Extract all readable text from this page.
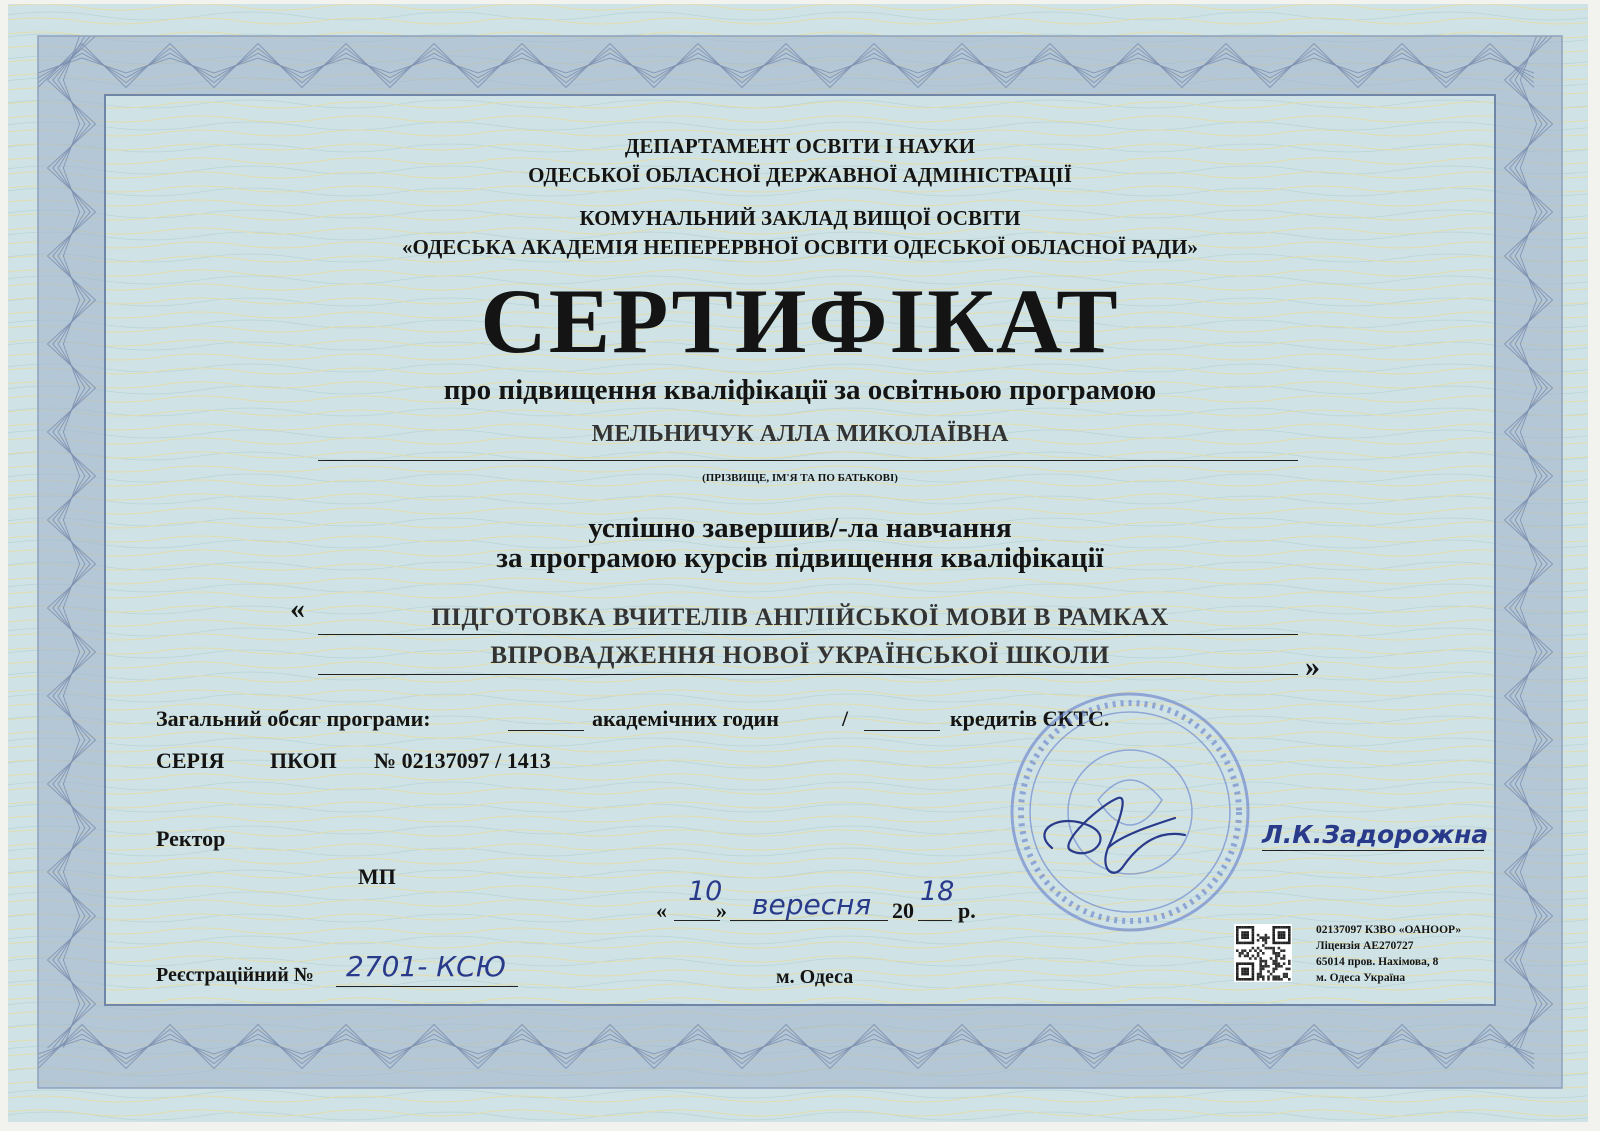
ДЕПАРТАМЕНТ ОСВІТИ І НАУКИ
ОДЕСЬКОЇ ОБЛАСНОЇ ДЕРЖАВНОЇ АДМІНІСТРАЦІЇ
КОМУНАЛЬНИЙ ЗАКЛАД ВИЩОЇ ОСВІТИ
«ОДЕСЬКА АКАДЕМІЯ НЕПЕРЕРВНОЇ ОСВІТИ ОДЕСЬКОЇ ОБЛАСНОЇ РАДИ»
СЕРТИФІКАТ
про підвищення кваліфікації за освітньою програмою
МЕЛЬНИЧУК АЛЛА МИКОЛАЇВНА
(ПРІЗВИЩЕ, ІМ'Я ТА ПО БАТЬКОВІ)
успішно завершив/-ла навчання
за програмою курсів підвищення кваліфікації
«	ПІДГОТОВКА ВЧИТЕЛІВ АНГЛІЙСЬКОЇ МОВИ В РАМКАХ
ВПРОВАДЖЕННЯ НОВОЇ УКРАЇНСЬКОЇ ШКОЛИ	»
Загальний обсяг програми:	академічних годин	/	кредитів ЄКТС.
СЕРІЯ ПКОП № 02137097 / 1413
Ректор	Л.К.Задорожна
МП
«
10
» вересня 20
18
р.
Реєстраційний № 2701- КСЮ	м. Одеса
02137097 КЗВО «ОАНООР»
Ліцензія АЕ270727
65014 пров. Нахімова, 8
м. Одеса Україна
